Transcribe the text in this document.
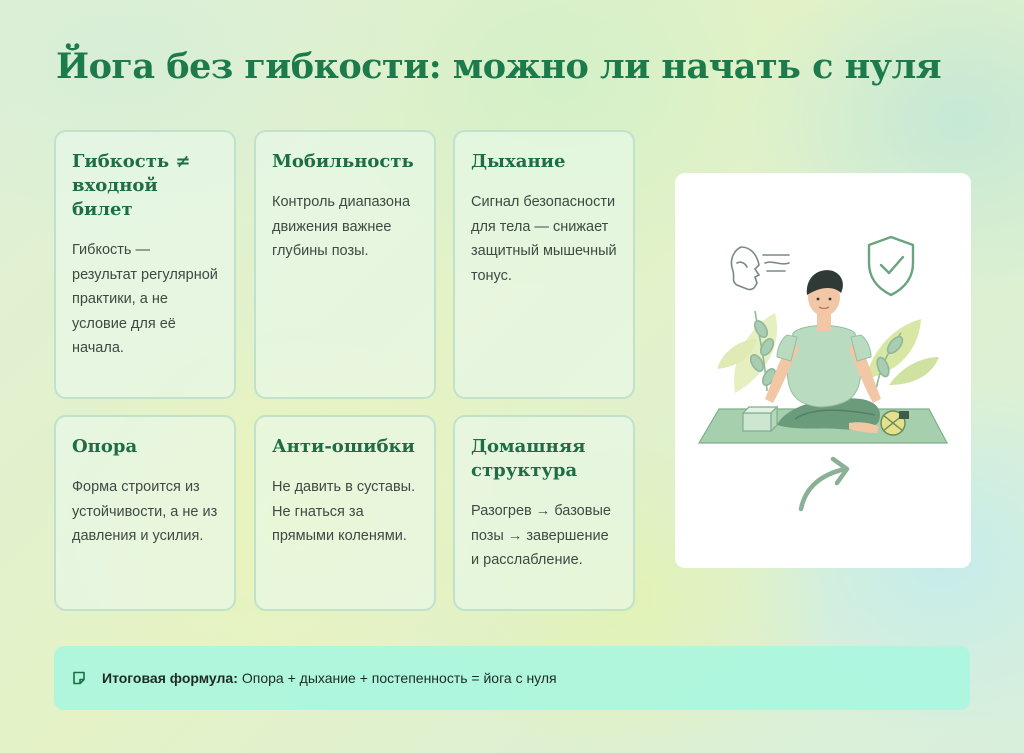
Йога без гибкости: можно ли начать с нуля
Гибкость ≠ входной билет

Гибкость — результат регулярной практики, а не условие для её начала.

Мобильность

Контроль диапазона движения важнее глубины позы.

Дыхание

Сигнал безопасности для тела — снижает защитный мышечный тонус.

Опора

Форма строится из устойчивости, а не из давления и усилия.

Анти-ошибки

Не давить в суставы. Не гнаться за прямыми коленями.

Домашняя структура

Разогрев → базовые позы → завершение и расслабление.

Итоговая формула: Опора + дыхание + постепенность = йога с нуля
